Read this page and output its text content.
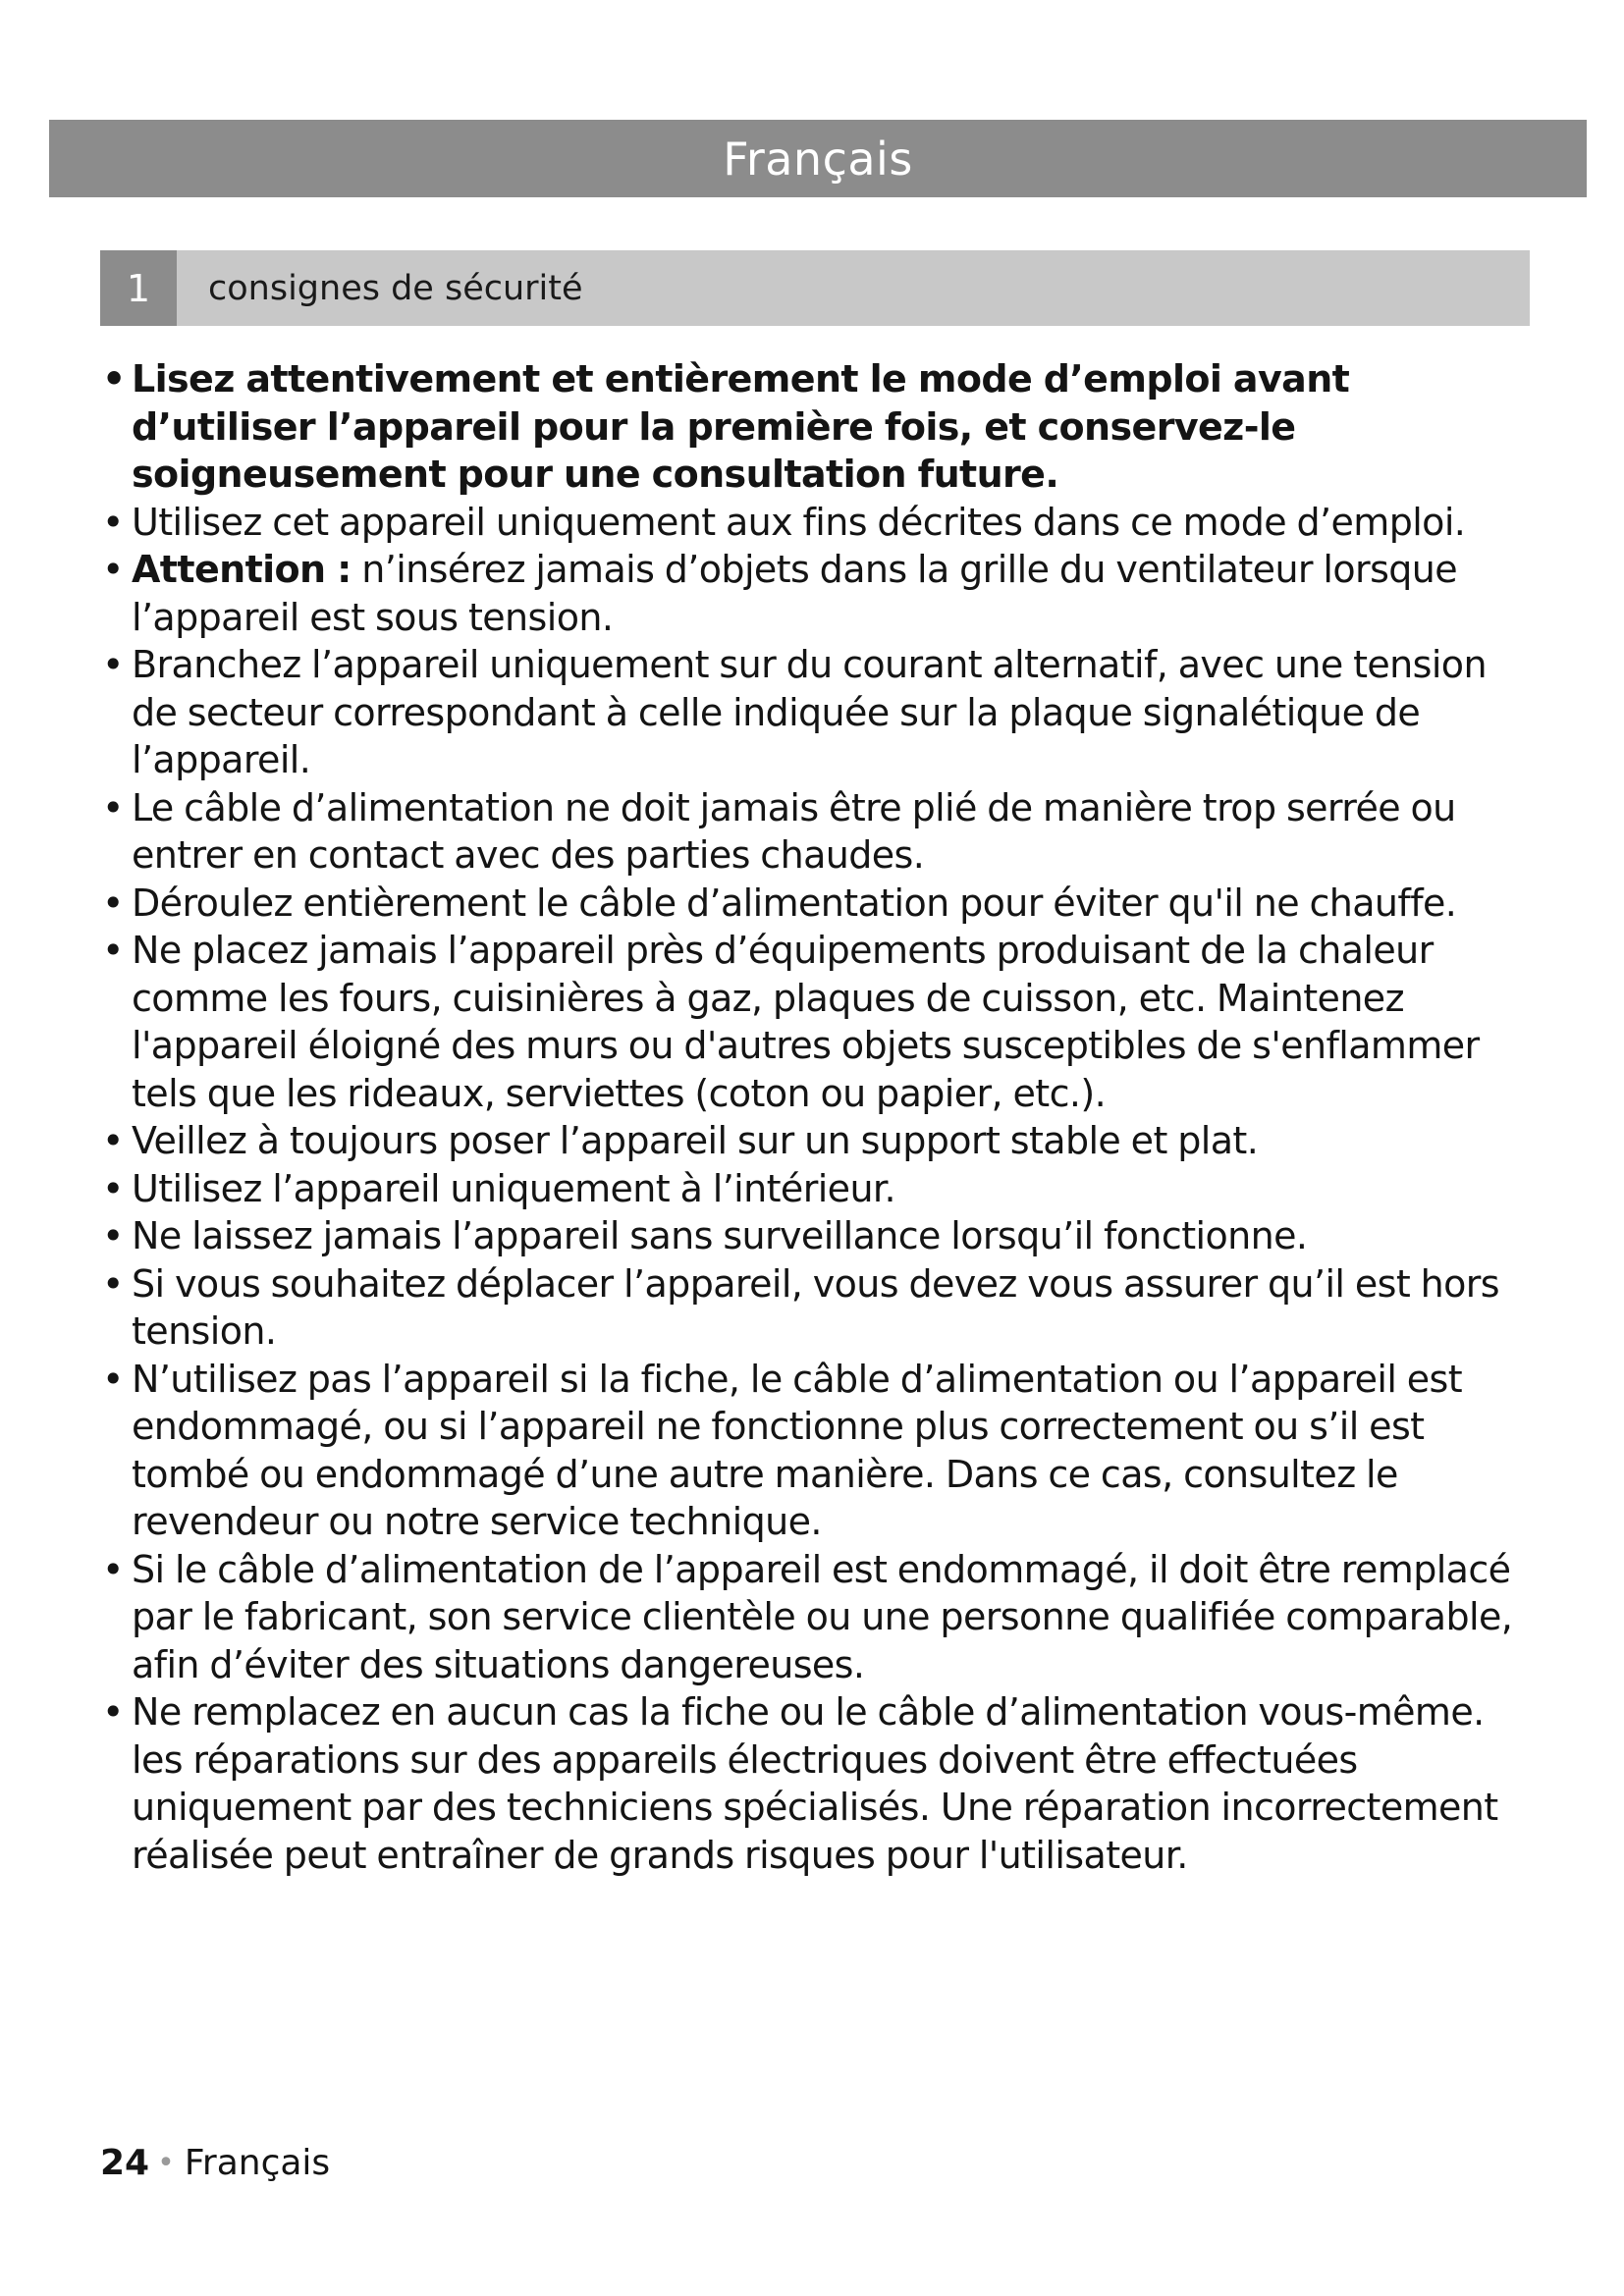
Français
1	consignes de sécurité
• Lisez attentivement et entièrement le mode d’emploi avant d’utiliser l’appareil pour la première fois, et conservez-le soigneusement pour une consultation future.
• Utilisez cet appareil uniquement aux fins décrites dans ce mode d’emploi.
• Attention : n’insérez jamais d’objets dans la grille du ventilateur lorsque l’appareil est sous tension.
• Branchez l’appareil uniquement sur du courant alternatif, avec une tension de secteur correspondant à celle indiquée sur la plaque signalétique de l’appareil.
• Le câble d’alimentation ne doit jamais être plié de manière trop serrée ou entrer en contact avec des parties chaudes.
• Déroulez entièrement le câble d’alimentation pour éviter qu'il ne chauffe.
• Ne placez jamais l’appareil près d’équipements produisant de la chaleur comme les fours, cuisinières à gaz, plaques de cuisson, etc. Maintenez l'appareil éloigné des murs ou d'autres objets susceptibles de s'enflammer tels que les rideaux, serviettes (coton ou papier, etc.).
• Veillez à toujours poser l’appareil sur un support stable et plat.
• Utilisez l’appareil uniquement à l’intérieur.
• Ne laissez jamais l’appareil sans surveillance lorsqu’il fonctionne.
• Si vous souhaitez déplacer l’appareil, vous devez vous assurer qu’il est hors tension.
• N’utilisez pas l’appareil si la fiche, le câble d’alimentation ou l’appareil est endommagé, ou si l’appareil ne fonctionne plus correctement ou s’il est tombé ou endommagé d’une autre manière. Dans ce cas, consultez le revendeur ou notre service technique.
• Si le câble d’alimentation de l’appareil est endommagé, il doit être remplacé par le fabricant, son service clientèle ou une personne qualifiée comparable, afin d’éviter des situations dangereuses.
• Ne remplacez en aucun cas la fiche ou le câble d’alimentation vous-même. les réparations sur des appareils électriques doivent être effectuées uniquement par des techniciens spécialisés. Une réparation incorrectement réalisée peut entraîner de grands risques pour l'utilisateur.
24 • Français
